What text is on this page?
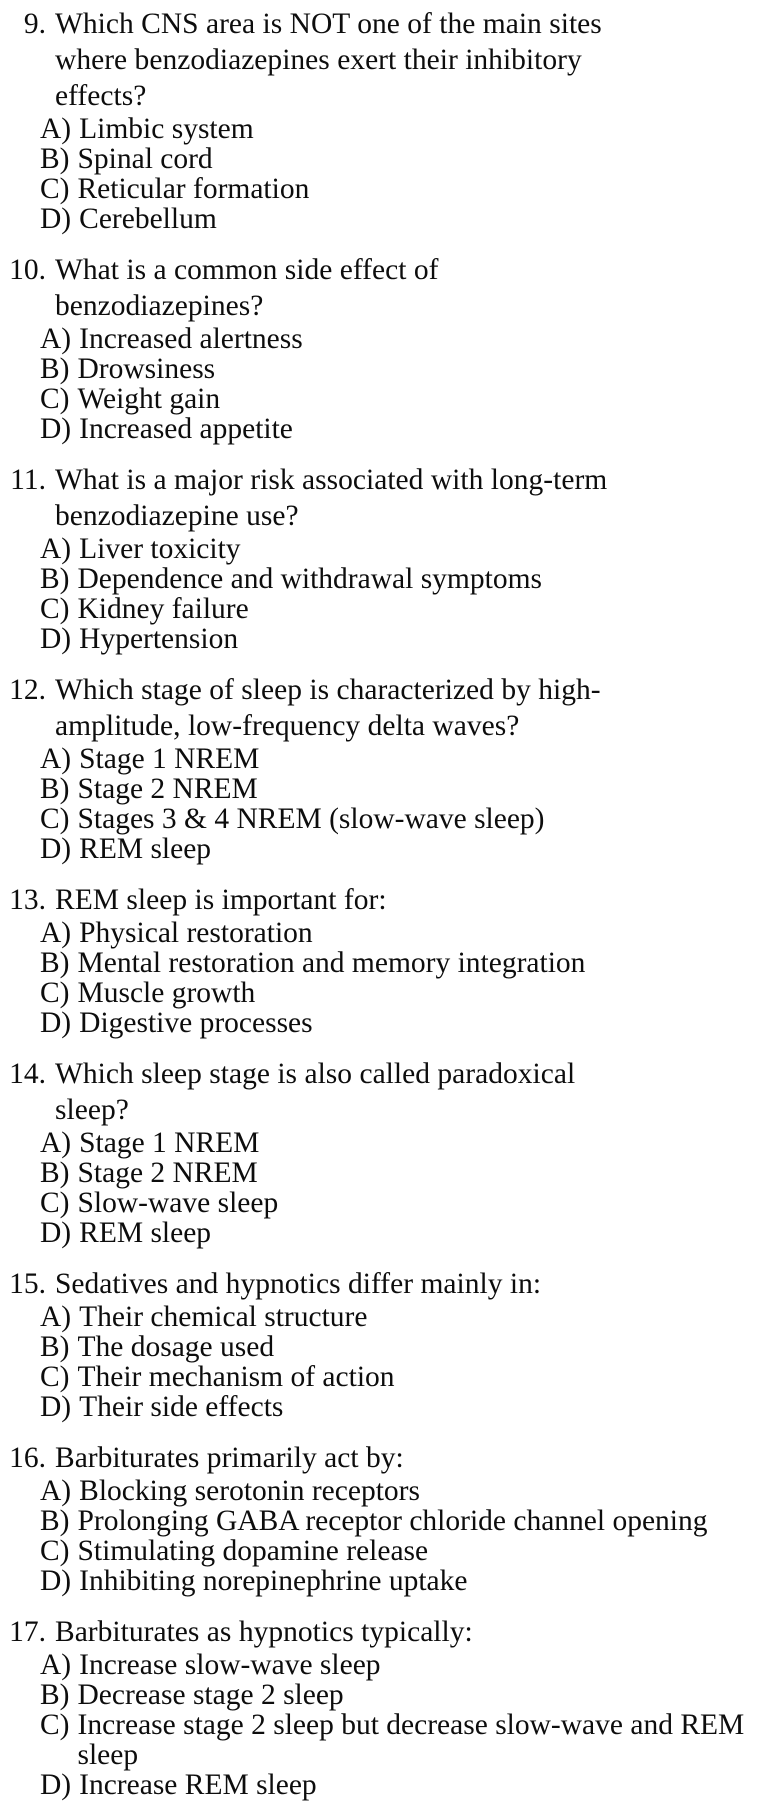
9. Which CNS area is NOT one of the main sites where benzodiazepines exert their inhibitory effects?
A) Limbic system
B) Spinal cord
C) Reticular formation
D) Cerebellum
10. What is a common side effect of benzodiazepines?
A) Increased alertness
B) Drowsiness
C) Weight gain
D) Increased appetite
11. What is a major risk associated with long-term benzodiazepine use?
A) Liver toxicity
B) Dependence and withdrawal symptoms
C) Kidney failure
D) Hypertension
12. Which stage of sleep is characterized by high-amplitude, low-frequency delta waves?
A) Stage 1 NREM
B) Stage 2 NREM
C) Stages 3 & 4 NREM (slow-wave sleep)
D) REM sleep
13. REM sleep is important for:
A) Physical restoration
B) Mental restoration and memory integration
C) Muscle growth
D) Digestive processes
14. Which sleep stage is also called paradoxical sleep?
A) Stage 1 NREM
B) Stage 2 NREM
C) Slow-wave sleep
D) REM sleep
15. Sedatives and hypnotics differ mainly in:
A) Their chemical structure
B) The dosage used
C) Their mechanism of action
D) Their side effects
16. Barbiturates primarily act by:
A) Blocking serotonin receptors
B) Prolonging GABA receptor chloride channel opening
C) Stimulating dopamine release
D) Inhibiting norepinephrine uptake
17. Barbiturates as hypnotics typically:
A) Increase slow-wave sleep
B) Decrease stage 2 sleep
C) Increase stage 2 sleep but decrease slow-wave and REM sleep
D) Increase REM sleep
